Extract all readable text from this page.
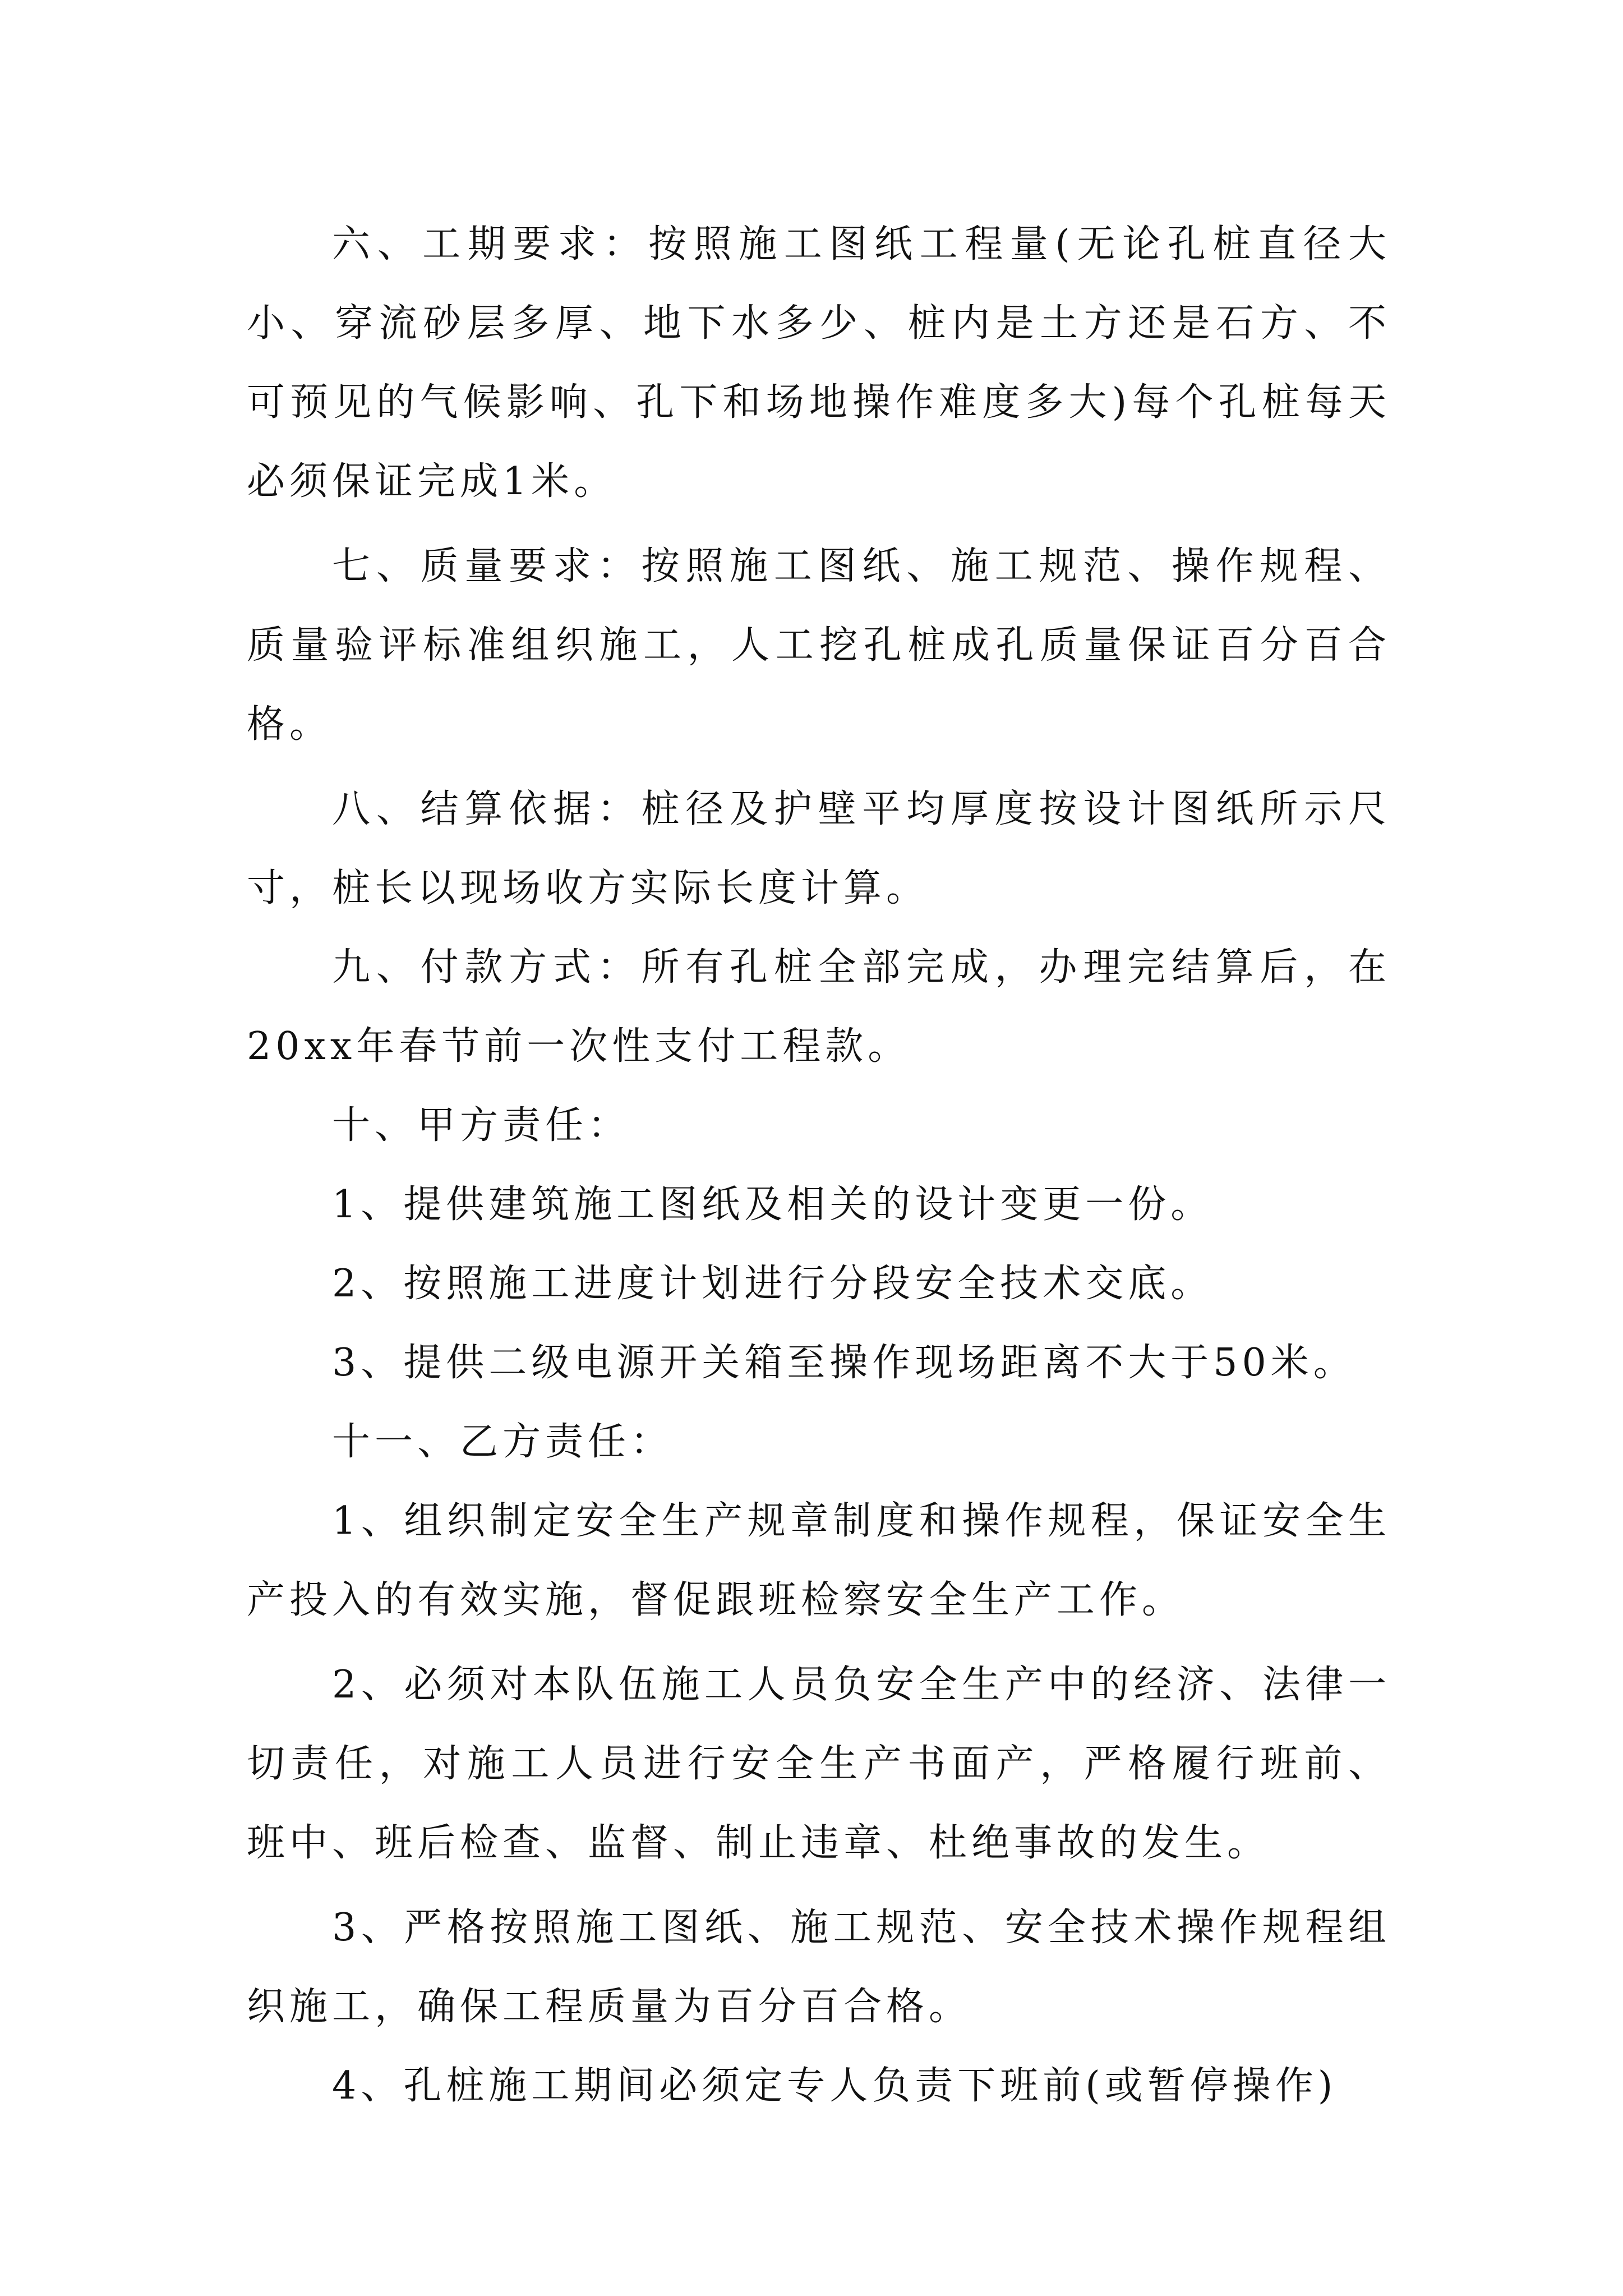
六、工期要求：按照施工图纸工程量(无论孔桩直径大小、穿流砂层多厚、地下水多少、桩内是土方还是石方、不可预见的气候影响、孔下和场地操作难度多大)每个孔桩每天必须保证完成1米。

七、质量要求：按照施工图纸、施工规范、操作规程、质量验评标准组织施工，人工挖孔桩成孔质量保证百分百合格。

八、结算依据：桩径及护壁平均厚度按设计图纸所示尺寸，桩长以现场收方实际长度计算。

九、付款方式：所有孔桩全部完成，办理完结算后，在20xx年春节前一次性支付工程款。

十、甲方责任：

1、提供建筑施工图纸及相关的设计变更一份。

2、按照施工进度计划进行分段安全技术交底。

3、提供二级电源开关箱至操作现场距离不大于50米。

十一、乙方责任：

1、组织制定安全生产规章制度和操作规程，保证安全生产投入的有效实施，督促跟班检察安全生产工作。

2、必须对本队伍施工人员负安全生产中的经济、法律一切责任，对施工人员进行安全生产书面产，严格履行班前、班中、班后检查、监督、制止违章、杜绝事故的发生。

3、严格按照施工图纸、施工规范、安全技术操作规程组织施工，确保工程质量为百分百合格。

4、孔桩施工期间必须定专人负责下班前(或暂停操作)
